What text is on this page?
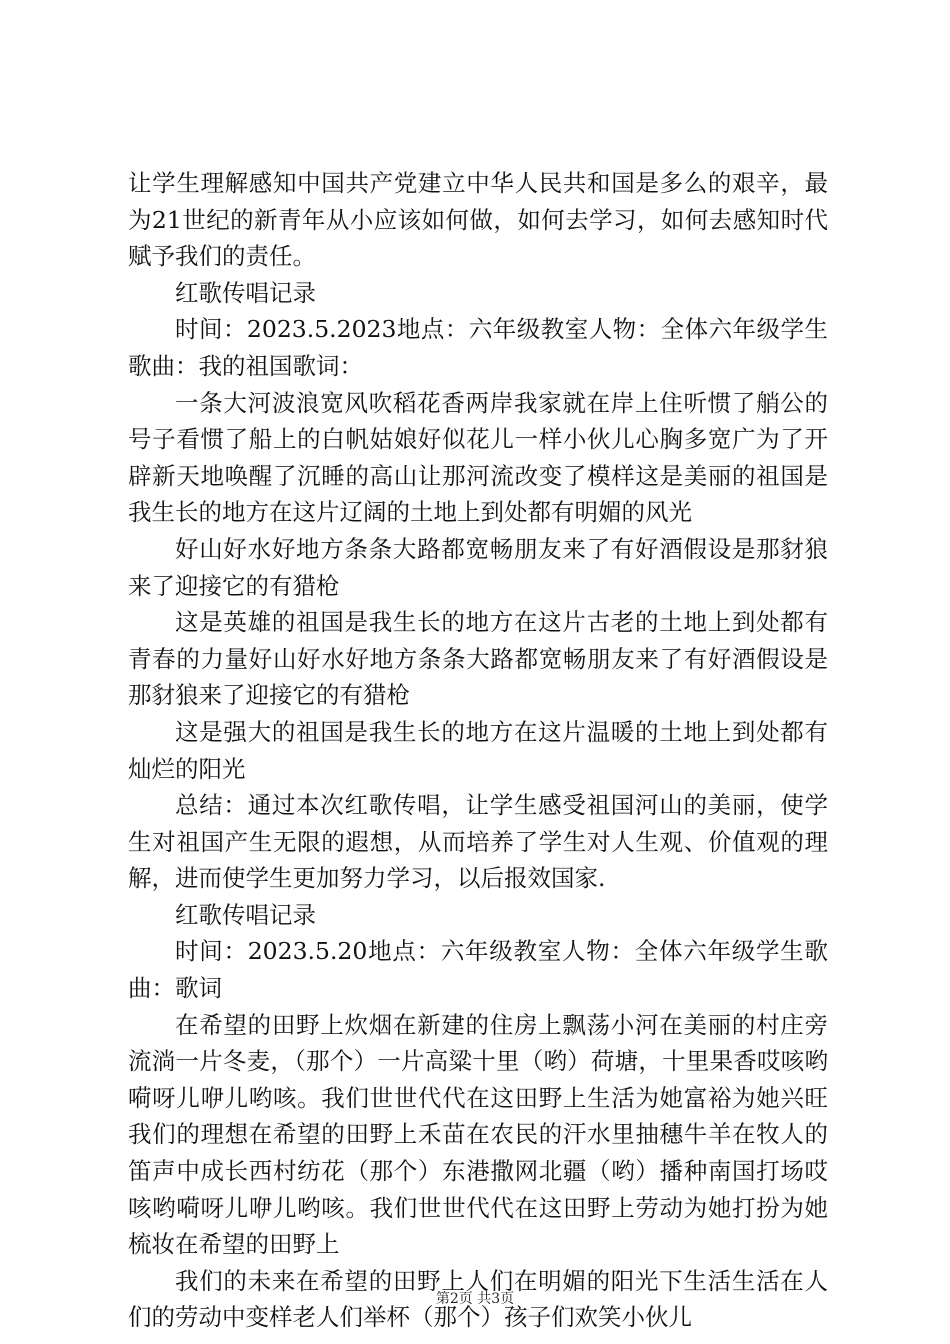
让学生理解感知中国共产党建立中华人民共和国是多么的艰辛，最为21世纪的新青年从小应该如何做，如何去学习，如何去感知时代赋予我们的责任。

红歌传唱记录

时间：2023.5.2023地点：六年级教室人物：全体六年级学生歌曲：我的祖国歌词：

一条大河波浪宽风吹稻花香两岸我家就在岸上住听惯了艄公的号子看惯了船上的白帆姑娘好似花儿一样小伙儿心胸多宽广为了开辟新天地唤醒了沉睡的高山让那河流改变了模样这是美丽的祖国是我生长的地方在这片辽阔的土地上到处都有明媚的风光

好山好水好地方条条大路都宽畅朋友来了有好酒假设是那豺狼来了迎接它的有猎枪

这是英雄的祖国是我生长的地方在这片古老的土地上到处都有青春的力量好山好水好地方条条大路都宽畅朋友来了有好酒假设是那豺狼来了迎接它的有猎枪

这是强大的祖国是我生长的地方在这片温暖的土地上到处都有灿烂的阳光

总结：通过本次红歌传唱，让学生感受祖国河山的美丽，使学生对祖国产生无限的遐想，从而培养了学生对人生观、价值观的理解，进而使学生更加努力学习，以后报效国家.

红歌传唱记录

时间：2023.5.20地点：六年级教室人物：全体六年级学生歌曲：歌词

在希望的田野上炊烟在新建的住房上飘荡小河在美丽的村庄旁流淌一片冬麦，（那个）一片高粱十里（哟）荷塘，十里果香哎咳哟嗬呀儿咿儿哟咳。我们世世代代在这田野上生活为她富裕为她兴旺我们的理想在希望的田野上禾苗在农民的汗水里抽穗牛羊在牧人的笛声中成长西村纺花（那个）东港撒网北疆（哟）播种南国打场哎咳哟嗬呀儿咿儿哟咳。我们世世代代在这田野上劳动为她打扮为她梳妆在希望的田野上

我们的未来在希望的田野上人们在明媚的阳光下生活生活在人们的劳动中变样老人们举杯（那个）孩子们欢笑小伙儿

第2页 共3页
